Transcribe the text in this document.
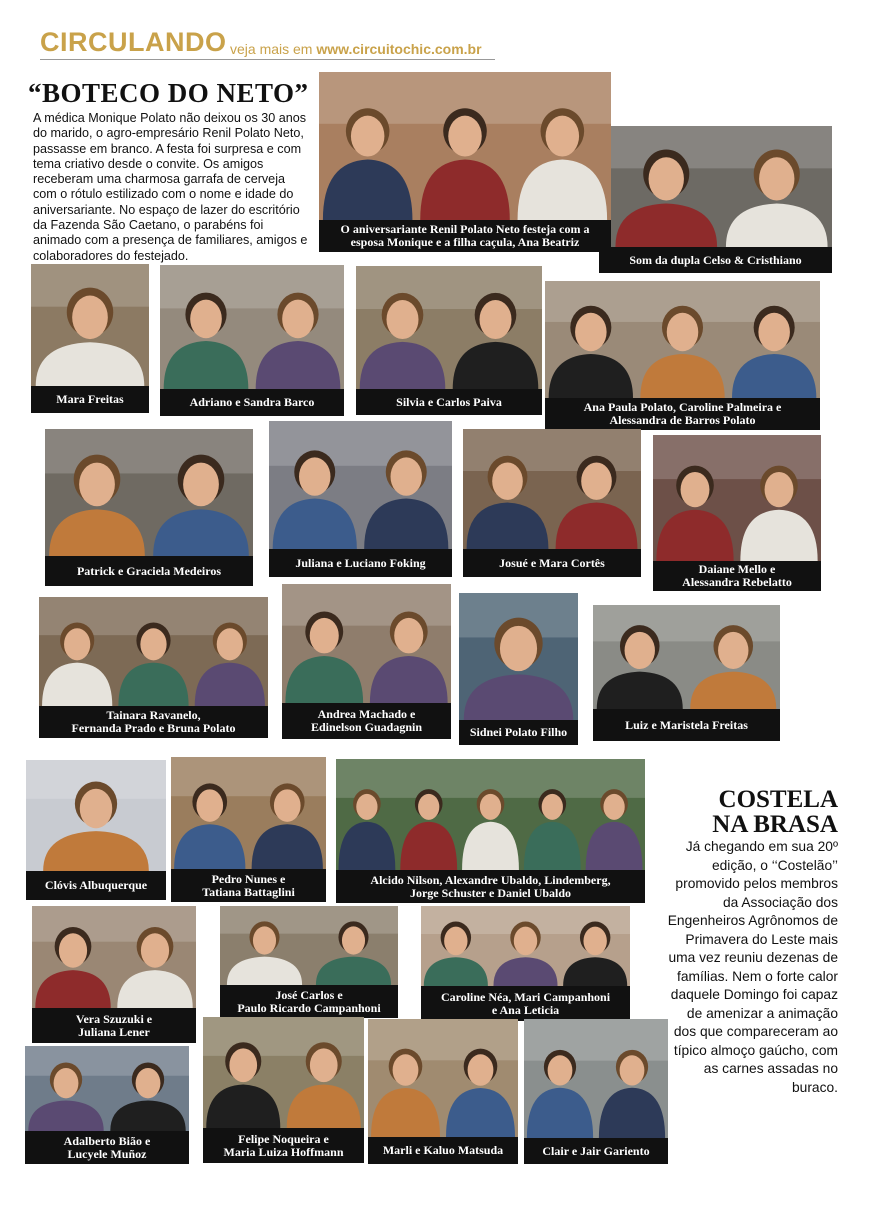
CIRCULANDO veja mais em www.circuitochic.com.br
“BOTECO DO NETO”
A médica Monique Polato não deixou os 30 anos do marido, o agro-empresário Renil Polato Neto, passasse em branco. A festa foi surpresa e com tema criativo desde o convite. Os amigos receberam uma charmosa garrafa de cerveja com o rótulo estilizado com o nome e idade do aniversariante. No espaço de lazer do escritório da Fazenda São Caetano, o parabéns foi animado com a presença de familiares, amigos e colaboradores do festejado.
COSTELA
NA BRASA
Já chegando em sua 20º edição, o ‘‘Costelão’’ promovido pelos membros da Associação dos Engenheiros Agrônomos de Primavera do Leste mais uma vez reuniu dezenas de famílias. Nem o forte calor daquele Domingo foi capaz de amenizar a animação dos que compareceram ao típico almoço gaúcho, com as carnes assadas no buraco.
O aniversariante Renil Polato Neto festeja com a
esposa Monique e a filha caçula, Ana Beatriz
Som da dupla Celso & Cristhiano
Mara Freitas	Adriano e Sandra Barco	Silvia e Carlos Paiva	Ana Paula Polato, Caroline Palmeira e
Alessandra de Barros Polato
Patrick e Graciela Medeiros
Juliana e Luciano Foking	Josué e Mara Cortês	Daiane Mello e
Alessandra Rebelatto
Tainara Ravanelo,
Fernanda Prado e Bruna Polato
Andrea Machado e
Edinelson Guadagnin	Sidnei Polato Filho
Luiz e Maristela Freitas
Clóvis Albuquerque	Pedro Nunes e
Tatiana Battaglini
Alcido Nilson, Alexandre Ubaldo, Lindemberg,
Jorge Schuster e Daniel Ubaldo
Vera Szuzuki e
Juliana Lener
José Carlos e
Paulo Ricardo Campanhoni
Caroline Néa, Mari Campanhoni
e Ana Leticia
Adalberto Bião e
Lucyele Muñoz
Felipe Noqueira e
Maria Luiza Hoffmann	Marli e Kaluo Matsuda	Clair e Jair Gariento
